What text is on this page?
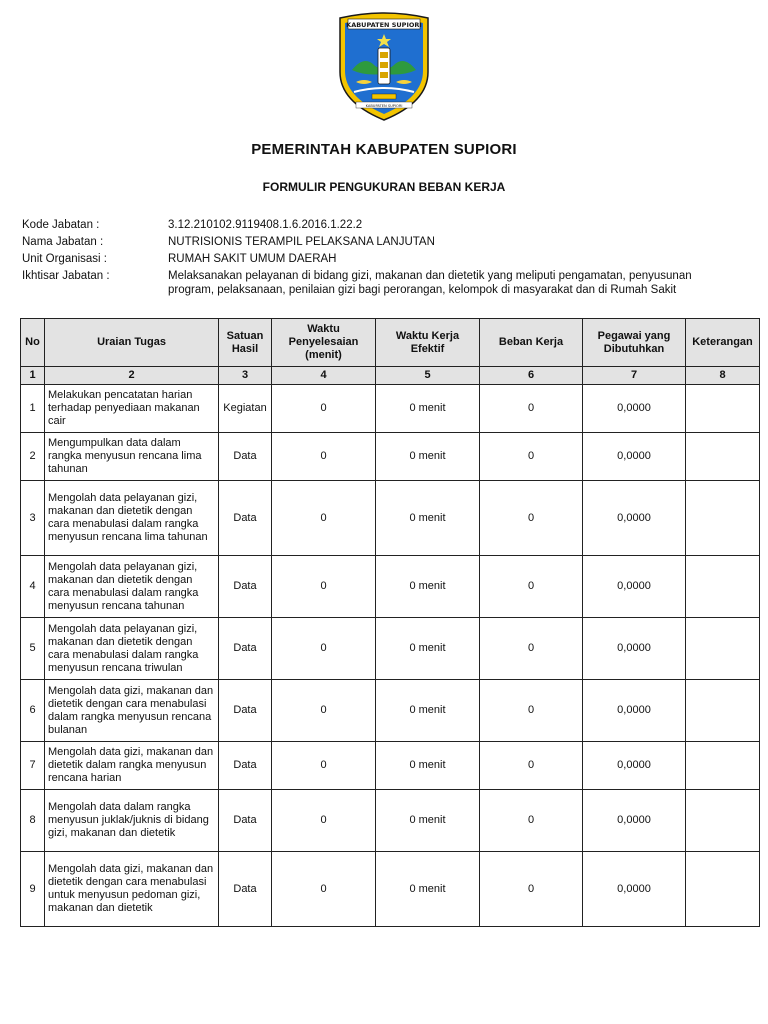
KABUPATEN SUPIORI
KABUPATEN SUPIORI
PEMERINTAH KABUPATEN SUPIORI
FORMULIR PENGUKURAN BEBAN KERJA
Kode Jabatan :	3.12.210102.9119408.1.6.2016.1.22.2
Nama Jabatan :	NUTRISIONIS TERAMPIL PELAKSANA LANJUTAN
Unit Organisasi :	RUMAH SAKIT UMUM DAERAH
Ikhtisar Jabatan :	Melaksanakan pelayanan di bidang gizi, makanan dan dietetik yang meliputi pengamatan, penyusunan
program, pelaksanaan, penilaian gizi bagi perorangan, kelompok di masyarakat dan di Rumah Sakit
No	Uraian Tugas	Satuan Hasil	Waktu Penyelesaian (menit)	Waktu Kerja Efektif	Beban Kerja	Pegawai yang Dibutuhkan	Keterangan
1	2	3	4	5	6	7	8
1	Melakukan pencatatan harian terhadap penyediaan makanan cair	Kegiatan	0	0 menit	0	0,0000	
2	Mengumpulkan data dalam rangka menyusun rencana lima tahunan	Data	0	0 menit	0	0,0000	
3	Mengolah data pelayanan gizi, makanan dan dietetik dengan cara menabulasi dalam rangka menyusun rencana lima tahunan	Data	0	0 menit	0	0,0000	
4	Mengolah data pelayanan gizi, makanan dan dietetik dengan cara menabulasi dalam rangka menyusun rencana tahunan	Data	0	0 menit	0	0,0000	
5	Mengolah data pelayanan gizi, makanan dan dietetik dengan cara menabulasi dalam rangka menyusun rencana triwulan	Data	0	0 menit	0	0,0000	
6	Mengolah data gizi, makanan dan dietetik dengan cara menabulasi dalam rangka menyusun rencana bulanan	Data	0	0 menit	0	0,0000	
7	Mengolah data gizi, makanan dan dietetik dalam rangka menyusun rencana harian	Data	0	0 menit	0	0,0000	
8	Mengolah data dalam rangka menyusun juklak/juknis di bidang gizi, makanan dan dietetik	Data	0	0 menit	0	0,0000	
9	Mengolah data gizi, makanan dan dietetik dengan cara menabulasi untuk menyusun pedoman gizi, makanan dan dietetik	Data	0	0 menit	0	0,0000	
